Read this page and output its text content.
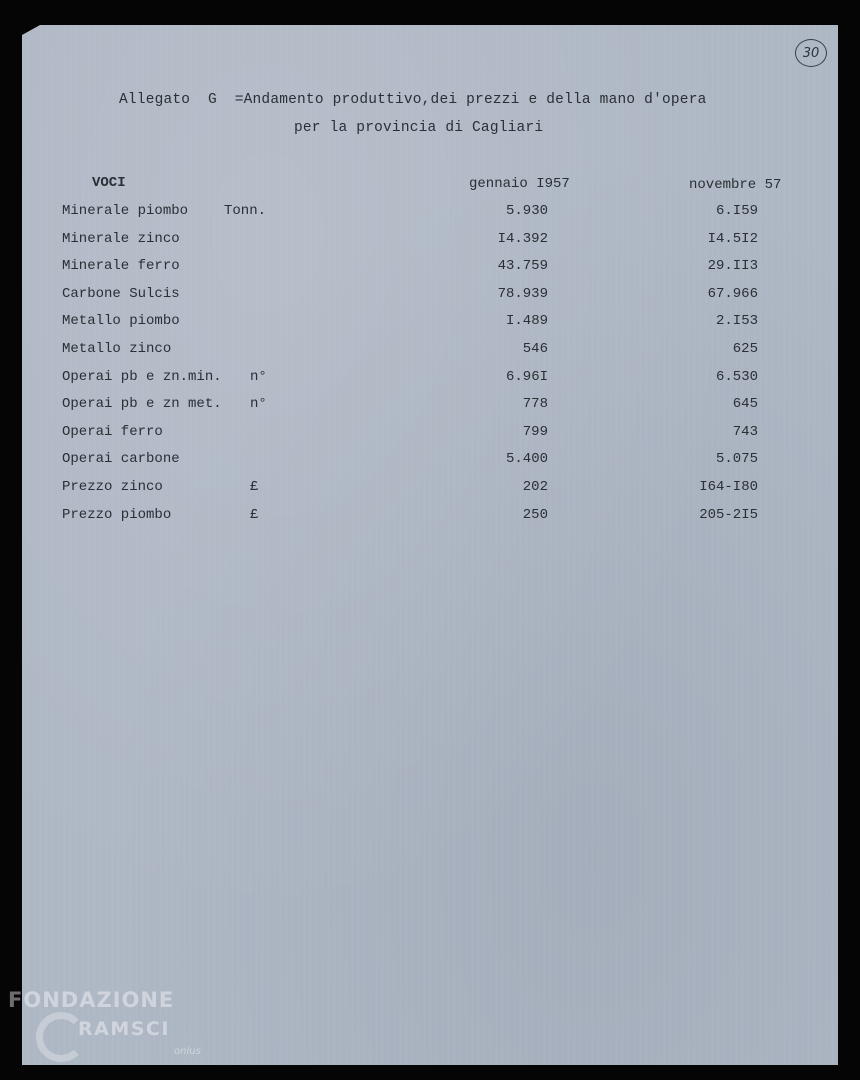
30
Allegato  G  =Andamento produttivo,dei prezzi e della mano d'opera
per la provincia di Cagliari
VOCI	gennaio I957	novembre 57
Minerale piombo	Tonn.	5.930	6.I59
Minerale zinco	I4.392	I4.5I2
Minerale ferro	43.759	29.II3
Carbone Sulcis	78.939	67.966
Metallo piombo	I.489	2.I53
Metallo zinco	546	625
Operai pb e zn.min. n°	6.96I	6.530
Operai pb e zn met. n°	778	645
Operai ferro	799	743
Operai carbone	5.400	5.075
Prezzo zinco	£	202	I64-I80
Prezzo piombo	£	250	205-2I5
FONDAZIONE
RAMSCI
onlus
